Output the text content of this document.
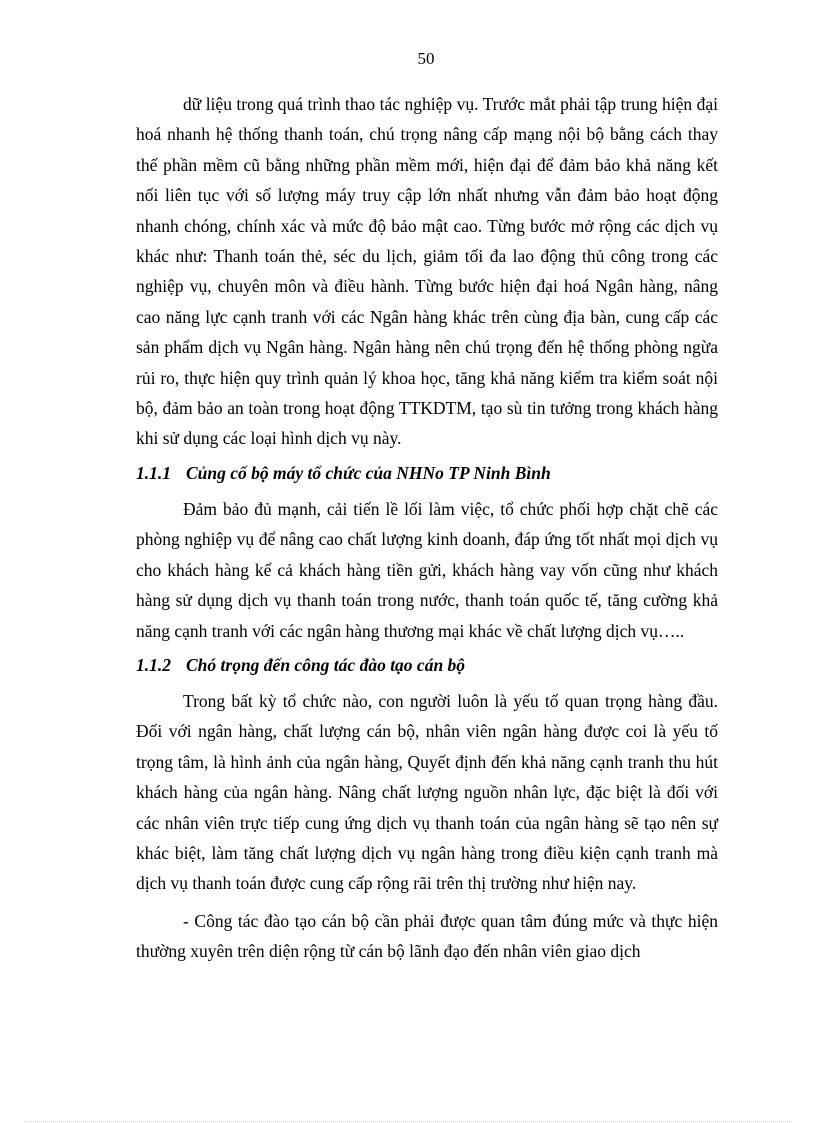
50

dữ liệu trong quá trình thao tác nghiệp vụ. Trước mắt phải tập trung hiện đại hoá nhanh hệ thống thanh toán, chú trọng nâng cấp mạng nội bộ bằng cách thay thế phần mềm cũ bằng những phần mềm mới, hiện đại để đảm bảo khả năng kết nối liên tục với số lượng máy truy cập lớn nhất nhưng vẫn đảm bảo hoạt động nhanh chóng, chính xác và mức độ bảo mật cao. Từng bước mở rộng các dịch vụ khác như: Thanh toán thẻ, séc du lịch, giảm tối đa lao động thủ công trong các nghiệp vụ, chuyên môn và điều hành. Từng bước hiện đại hoá Ngân hàng, nâng cao năng lực cạnh tranh với các Ngân hàng khác trên cùng địa bàn, cung cấp các sản phẩm dịch vụ Ngân hàng. Ngân hàng nên chú trọng đến hệ thống phòng ngừa rủi ro, thực hiện quy trình quản lý khoa học, tăng khả năng kiểm tra kiểm soát nội bộ, đảm bảo an toàn trong hoạt động TTKDTM, tạo sù tin tưởng trong khách hàng khi sử dụng các loại hình dịch vụ này.

1.1.1 Củng cố bộ máy tổ chức của NHNo TP Ninh Bình

Đảm bảo đủ mạnh, cải tiến lề lối làm việc, tổ chức phối hợp chặt chẽ các phòng nghiệp vụ để nâng cao chất lượng kinh doanh, đáp ứng tốt nhất mọi dịch vụ cho khách hàng kể cả khách hàng tiền gửi, khách hàng vay vốn cũng như khách hàng sử dụng dịch vụ thanh toán trong nước, thanh toán quốc tế, tăng cường khả năng cạnh tranh với các ngân hàng thương mại khác về chất lượng dịch vụ…..

1.1.2 Chó trọng đến công tác đào tạo cán bộ

Trong bất kỳ tổ chức nào, con người luôn là yếu tố quan trọng hàng đầu. Đối với ngân hàng, chất lượng cán bộ, nhân viên ngân hàng được coi là yếu tố trọng tâm, là hình ảnh của ngân hàng, Quyết định đến khả năng cạnh tranh thu hút khách hàng của ngân hàng. Nâng chất lượng nguồn nhân lực, đặc biệt là đối với các nhân viên trực tiếp cung ứng dịch vụ thanh toán của ngân hàng sẽ tạo nên sự khác biệt, làm tăng chất lượng dịch vụ ngân hàng trong điều kiện cạnh tranh mà dịch vụ thanh toán được cung cấp rộng rãi trên thị trường như hiện nay.

- Công tác đào tạo cán bộ cần phải được quan tâm đúng mức và thực hiện thường xuyên trên diện rộng từ cán bộ lãnh đạo đến nhân viên giao dịch
